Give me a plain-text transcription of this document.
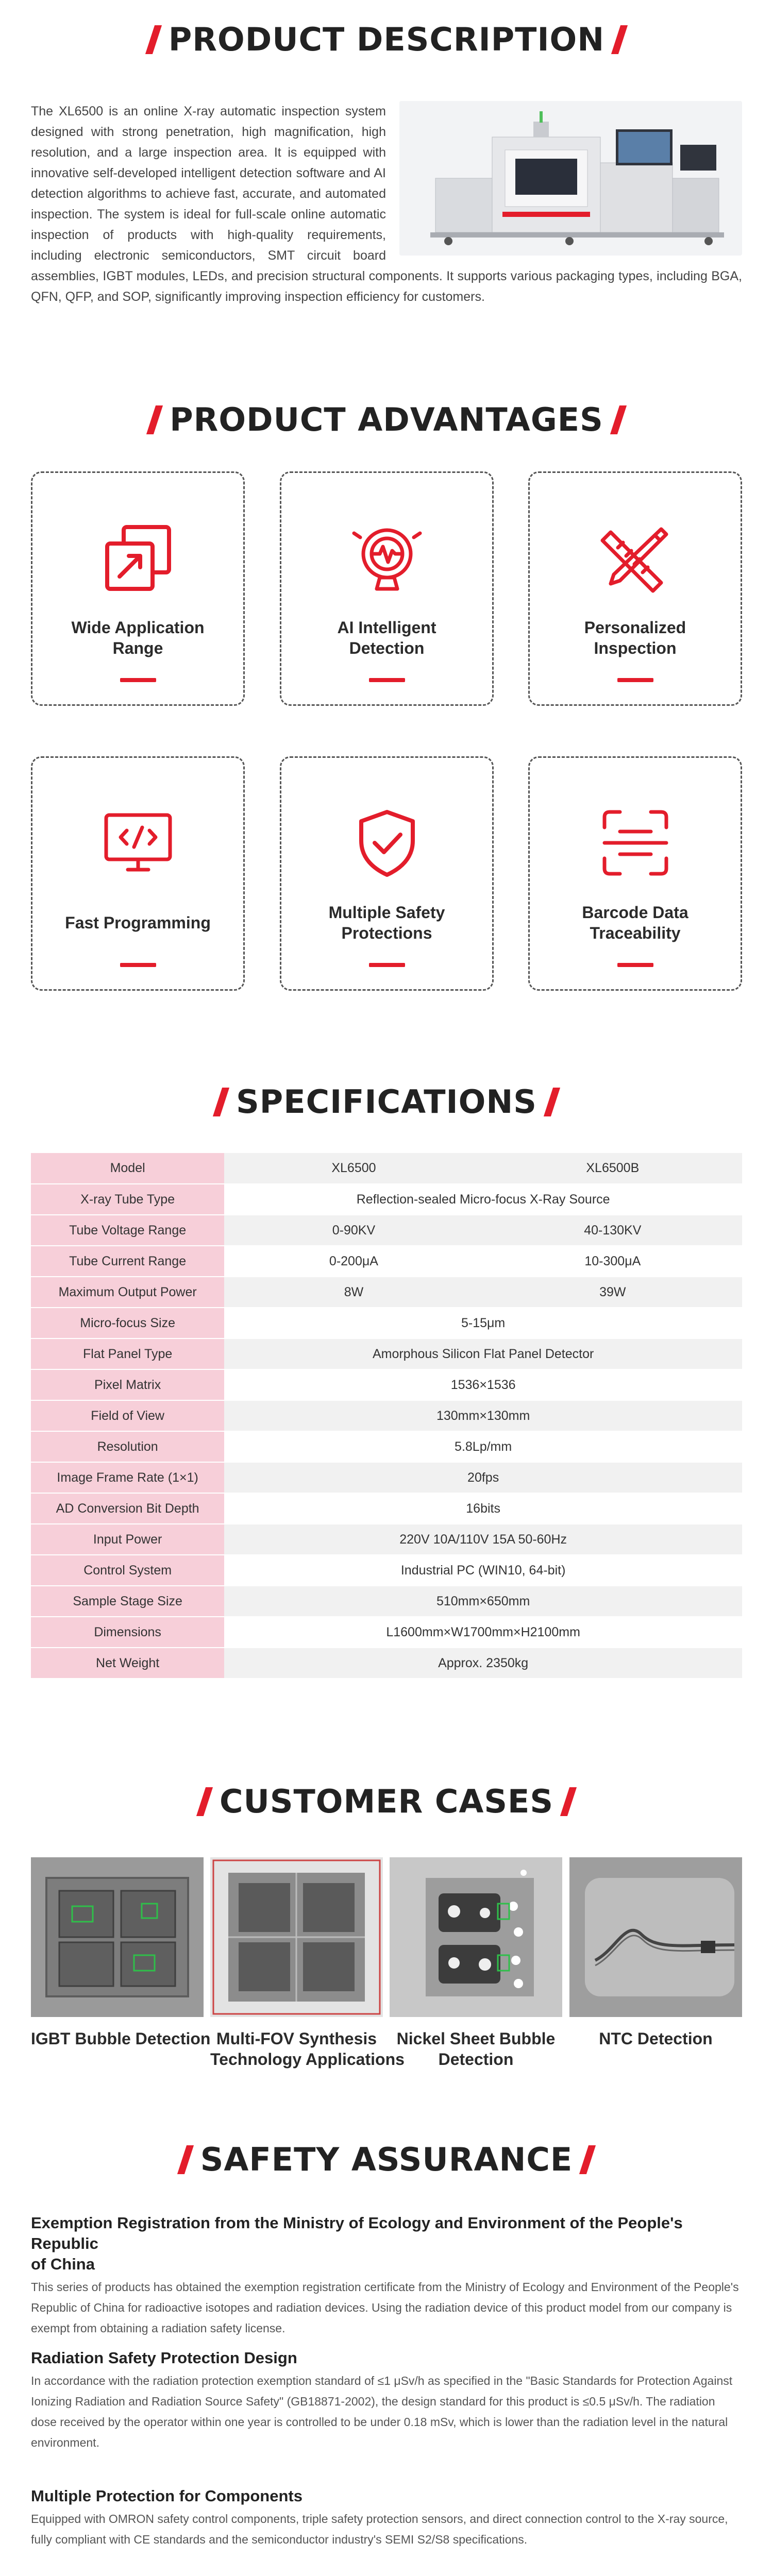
PRODUCT DESCRIPTION
The XL6500 is an online X-ray automatic inspection system designed with strong penetration, high magnification, high resolution, and a large inspection area. It is equipped with innovative self-developed intelligent detection software and AI detection algorithms to achieve fast, accurate, and automated inspection. The system is ideal for full-scale online automatic inspection of products with high-quality requirements, including electronic semiconductors, SMT circuit board assemblies, IGBT modules, LEDs, and precision structural components. It supports various packaging types, including BGA, QFN, QFP, and SOP, significantly improving inspection efficiency for customers.
PRODUCT ADVANTAGES
Wide Application Range
AI Intelligent Detection
Personalized Inspection
Fast Programming
Multiple Safety Protections
Barcode Data Traceability
SPECIFICATIONS
Model	XL6500	XL6500B
X-ray Tube Type	Reflection-sealed Micro-focus X-Ray Source	
Tube Voltage Range	0-90KV	40-130KV
Tube Current Range	0-200μA	10-300μA
Maximum Output Power	8W	39W
Micro-focus Size	5-15μm	
Flat Panel Type	Amorphous Silicon Flat Panel Detector	
Pixel Matrix	1536×1536	
Field of View	130mm×130mm	
Resolution	5.8Lp/mm	
Image Frame Rate (1×1)	20fps	
AD Conversion Bit Depth	16bits	
Input Power	220V 10A/110V 15A 50-60Hz	
Control System	Industrial PC (WIN10, 64-bit)	
Sample Stage Size	510mm×650mm	
Dimensions	L1600mm×W1700mm×H2100mm	
Net Weight	Approx. 2350kg	
CUSTOMER CASES
IGBT Bubble Detection Multi-FOV Synthesis
Technology Applications
Nickel Sheet Bubble
Detection
NTC Detection
SAFETY ASSURANCE
Exemption Registration from the Ministry of Ecology and Environment of the People's Republic
of China

This series of products has obtained the exemption registration certificate from the Ministry of Ecology and Environment of the People's Republic of China for radioactive isotopes and radiation devices. Using the radiation device of this product model from our company is exempt from obtaining a radiation safety license.

Radiation Safety Protection Design

In accordance with the radiation protection exemption standard of ≤1 μSv/h as specified in the "Basic Standards for Protection Against Ionizing Radiation and Radiation Source Safety" (GB18871-2002), the design standard for this product is ≤0.5 μSv/h. The radiation dose received by the operator within one year is controlled to be under 0.18 mSv, which is lower than the radiation level in the natural environment.

Multiple Protection for Components

Equipped with OMRON safety control components, triple safety protection sensors, and direct connection control to the X-ray source, fully compliant with CE standards and the semiconductor industry's SEMI S2/S8 specifications.
